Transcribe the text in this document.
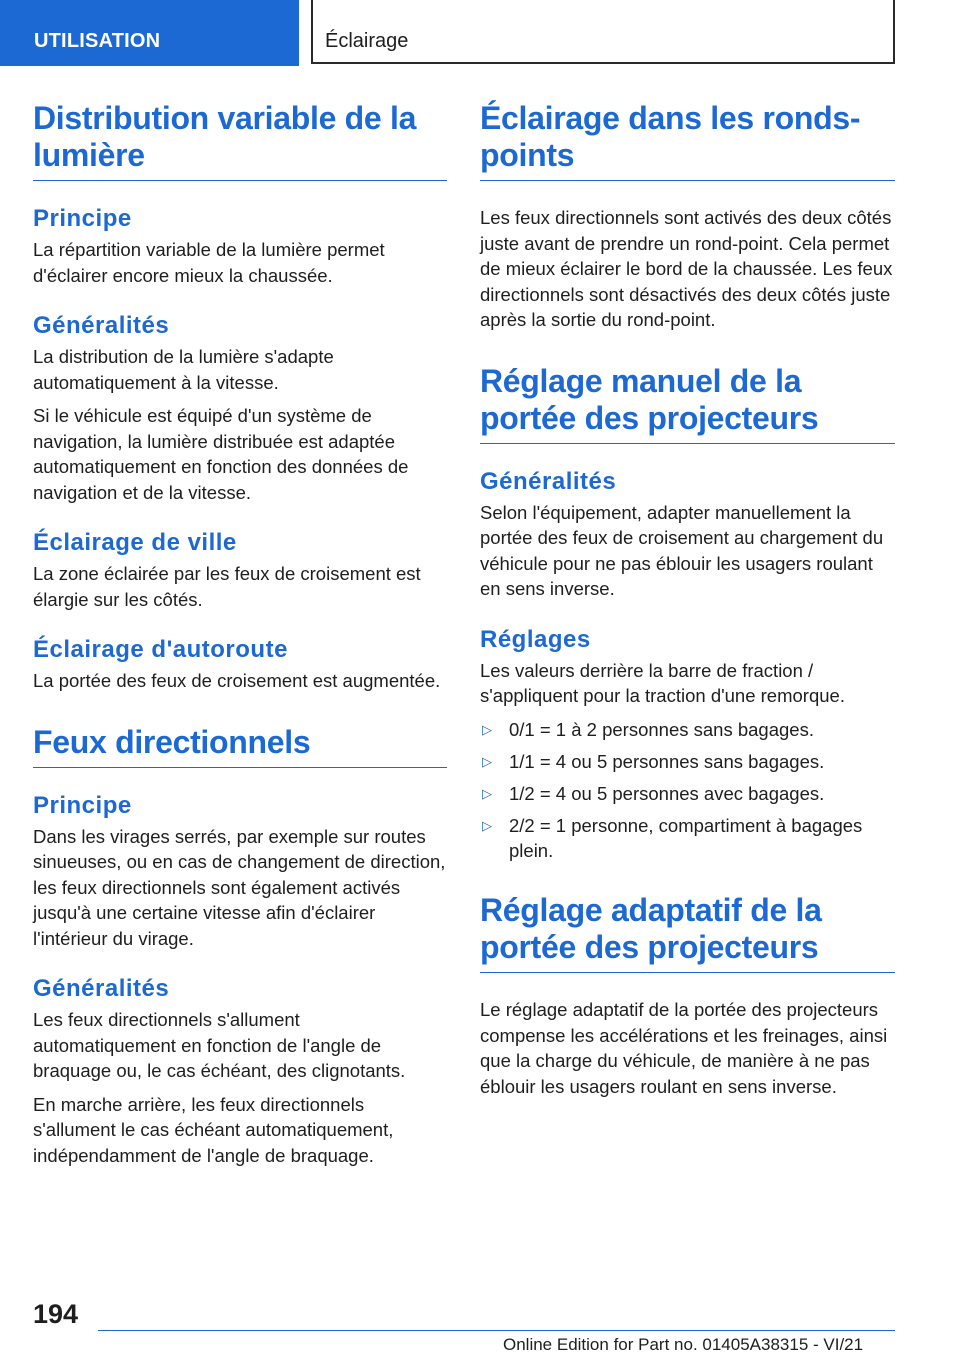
UTILISATION	Éclairage
Distribution variable de la lumière
Principe
La répartition variable de la lumière permet d'éclairer encore mieux la chaussée.
Généralités
La distribution de la lumière s'adapte automatiquement à la vitesse.
Si le véhicule est équipé d'un système de navigation, la lumière distribuée est adaptée automatiquement en fonction des données de navigation et de la vitesse.
Éclairage de ville
La zone éclairée par les feux de croisement est élargie sur les côtés.
Éclairage d'autoroute
La portée des feux de croisement est augmentée.
Feux directionnels
Principe
Dans les virages serrés, par exemple sur routes sinueuses, ou en cas de changement de direction, les feux directionnels sont également activés jusqu'à une certaine vitesse afin d'éclairer l'intérieur du virage.
Généralités
Les feux directionnels s'allument automatiquement en fonction de l'angle de braquage ou, le cas échéant, des clignotants.
En marche arrière, les feux directionnels s'allument le cas échéant automatiquement, indépendamment de l'angle de braquage.
Éclairage dans les ronds-points
Les feux directionnels sont activés des deux côtés juste avant de prendre un rond-point. Cela permet de mieux éclairer le bord de la chaussée. Les feux directionnels sont désactivés des deux côtés juste après la sortie du rond-point.
Réglage manuel de la portée des projecteurs
Généralités
Selon l'équipement, adapter manuellement la portée des feux de croisement au chargement du véhicule pour ne pas éblouir les usagers roulant en sens inverse.
Réglages
Les valeurs derrière la barre de fraction / s'appliquent pour la traction d'une remorque.
▷ 0/1 = 1 à 2 personnes sans bagages.
▷ 1/1 = 4 ou 5 personnes sans bagages.
▷ 1/2 = 4 ou 5 personnes avec bagages.
▷ 2/2 = 1 personne, compartiment à bagages plein.
Réglage adaptatif de la portée des projecteurs
Le réglage adaptatif de la portée des projecteurs compense les accélérations et les freinages, ainsi que la charge du véhicule, de manière à ne pas éblouir les usagers roulant en sens inverse.
194
Online Edition for Part no. 01405A38315 - VI/21
